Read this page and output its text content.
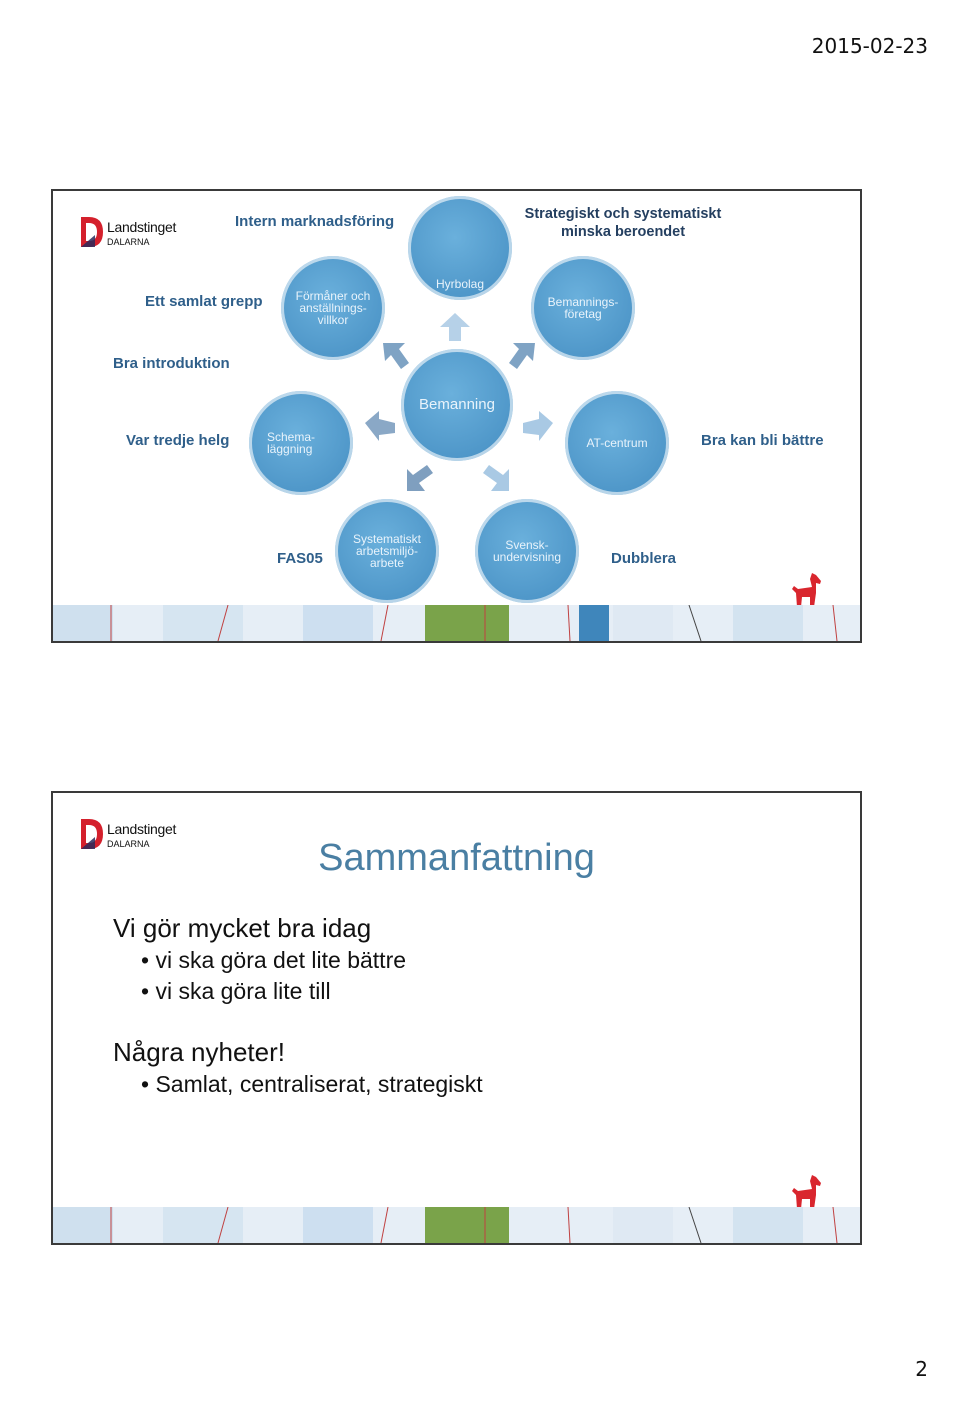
2015-02-23
Landstinget
DALARNA
Intern marknadsföring	Strategiskt och systematiskt minska beroendet
Ett samlat grepp
Bra introduktion
Var tredje helg	Bra kan bli bättre
FAS05	Dubblera
Hyrbolag
Förmåner och
anställnings-
villkor
Bemannings-
företag
Bemanning
Schema-
läggning	AT-centrum
Systematiskt
arbetsmiljö-
arbete
Svensk-
undervisning
Landstinget
DALARNA	Sammanfattning
Vi gör mycket bra idag
• vi ska göra det lite bättre
• vi ska göra lite till
Några nyheter!
• Samlat, centraliserat, strategiskt
2
